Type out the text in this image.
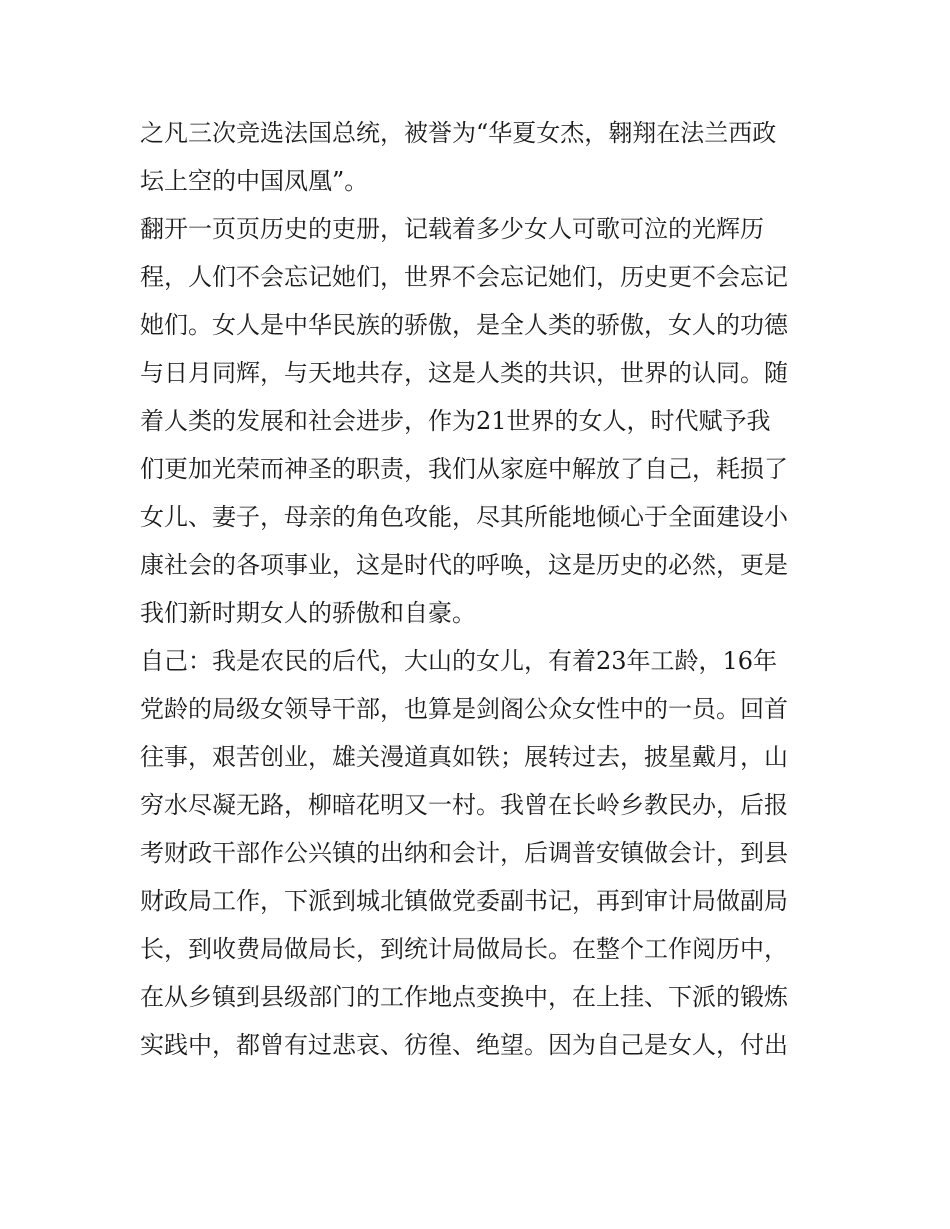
之凡三次竞选法国总统，被誉为“华夏女杰，翱翔在法兰西政
坛上空的中国凤凰”。
翻开一页页历史的吏册，记载着多少女人可歌可泣的光辉历
程，人们不会忘记她们，世界不会忘记她们，历史更不会忘记
她们。女人是中华民族的骄傲，是全人类的骄傲，女人的功德
与日月同辉，与天地共存，这是人类的共识，世界的认同。随
着人类的发展和社会进步，作为21世界的女人，时代赋予我
们更加光荣而神圣的职责，我们从家庭中解放了自己，耗损了
女儿、妻子，母亲的角色攻能，尽其所能地倾心于全面建设小
康社会的各项事业，这是时代的呼唤，这是历史的必然，更是
我们新时期女人的骄傲和自豪。
自己：我是农民的后代，大山的女儿，有着23年工龄，16年
党龄的局级女领导干部，也算是剑阁公众女性中的一员。回首
往事，艰苦创业，雄关漫道真如铁；展转过去，披星戴月，山
穷水尽凝无路，柳暗花明又一村。我曾在长岭乡教民办，后报
考财政干部作公兴镇的出纳和会计，后调普安镇做会计，到县
财政局工作，下派到城北镇做党委副书记，再到审计局做副局
长，到收费局做局长，到统计局做局长。在整个工作阅历中，
在从乡镇到县级部门的工作地点变换中，在上挂、下派的锻炼
实践中，都曾有过悲哀、彷徨、绝望。因为自己是女人，付出
